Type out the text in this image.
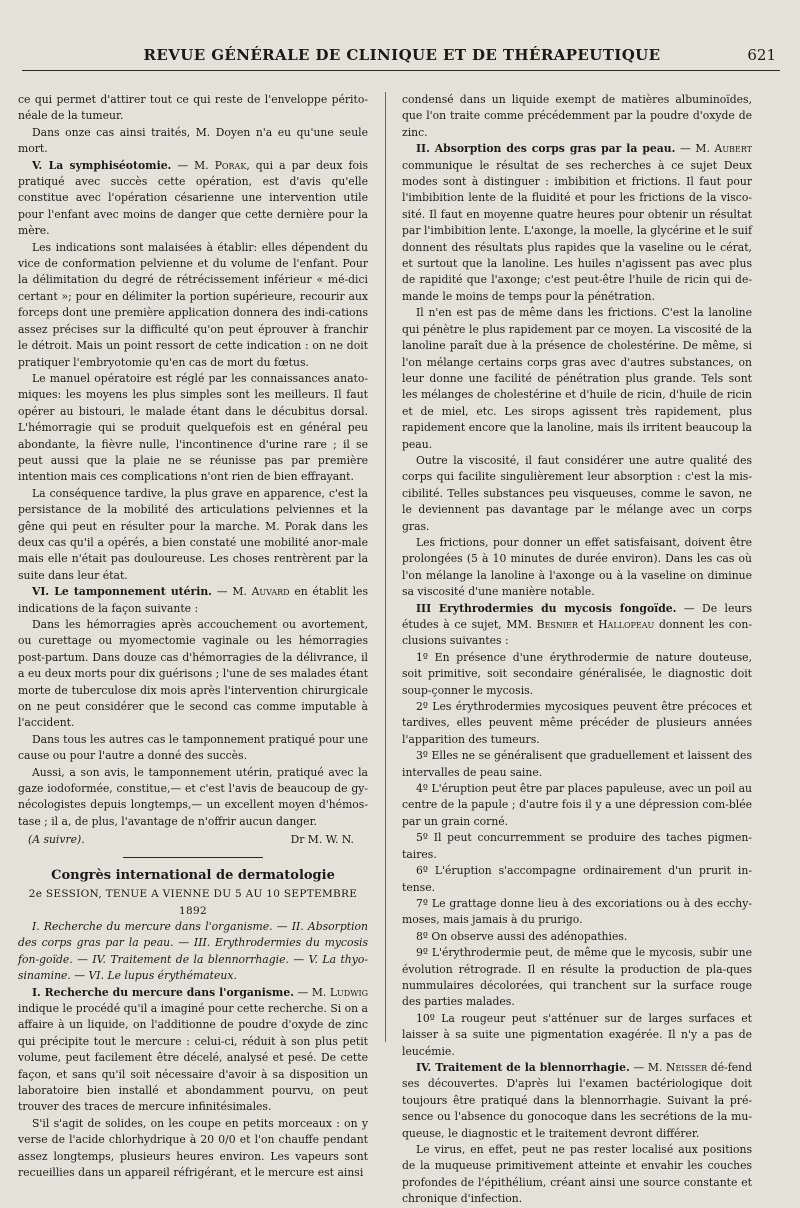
REVUE GÉNÉRALE DE CLINIQUE ET DE THÉRAPEUTIQUE	621

ce qui permet d'attirer tout ce qui reste de l'enveloppe périto-néale de la tumeur.

Dans onze cas ainsi traités, M. Doyen n'a eu qu'une seule mort.

V. La symphiséotomie. — M. Porak, qui a par deux fois pratiqué avec succès cette opération, est d'avis qu'elle constitue avec l'opération césarienne une intervention utile pour l'enfant avec moins de danger que cette dernière pour la mère.

Les indications sont malaisées à établir: elles dépendent du vice de conformation pelvienne et du volume de l'enfant. Pour la délimitation du degré de rétrécissement inférieur « mé-dici certant »; pour en délimiter la portion supérieure, recourir aux forceps dont une première application donnera des indi-cations assez précises sur la difficulté qu'on peut éprouver à franchir le détroit. Mais un point ressort de cette indication : on ne doit pratiquer l'embryotomie qu'en cas de mort du fœtus.

Le manuel opératoire est réglé par les connaissances anato-miques: les moyens les plus simples sont les meilleurs. Il faut opérer au bistouri, le malade étant dans le décubitus dorsal. L'hémorragie qui se produit quelquefois est en général peu abondante, la fièvre nulle, l'incontinence d'urine rare ; il se peut aussi que la plaie ne se réunisse pas par première intention mais ces complications n'ont rien de bien effrayant.

La conséquence tardive, la plus grave en apparence, c'est la persistance de la mobilité des articulations pelviennes et la gêne qui peut en résulter pour la marche. M. Porak dans les deux cas qu'il a opérés, a bien constaté une mobilité anor-male mais elle n'était pas douloureuse. Les choses rentrèrent par la suite dans leur état.

VI. Le tamponnement utérin. — M. Auvard en établit les indications de la façon suivante :

Dans les hémorragies après accouchement ou avortement, ou curettage ou myomectomie vaginale ou les hémorragies post-partum. Dans douze cas d'hémorragies de la délivrance, il a eu deux morts pour dix guérisons ; l'une de ses malades étant morte de tuberculose dix mois après l'intervention chirurgicale on ne peut considérer que le second cas comme imputable à l'accident.

Dans tous les autres cas le tamponnement pratiqué pour une cause ou pour l'autre a donné des succès.

Aussi, a son avis, le tamponnement utérin, pratiqué avec la gaze iodoformée, constitue,— et c'est l'avis de beaucoup de gy-nécologistes depuis longtemps,— un excellent moyen d'hémos-tase ; il a, de plus, l'avantage de n'offrir aucun danger.

(A suivre).	Dr M. W. N.
Congrès international de dermatologie
2e SESSION, TENUE A VIENNE DU 5 AU 10 SEPTEMBRE 1892

I. Recherche du mercure dans l'organisme. — II. Absorption des corps gras par la peau. — III. Erythrodermies du mycosis fon-goïde. — IV. Traitement de la blennorrhagie. — V. La thyo-sinamine. — VI. Le lupus érythémateux.

I. Recherche du mercure dans l'organisme. — M. Ludwig indique le procédé qu'il a imaginé pour cette recherche. Si on a affaire à un liquide, on l'additionne de poudre d'oxyde de zinc qui précipite tout le mercure : celui-ci, réduit à son plus petit volume, peut facilement être décelé, analysé et pesé. De cette façon, et sans qu'il soit nécessaire d'avoir à sa disposition un laboratoire bien installé et abondamment pourvu, on peut trouver des traces de mercure infinitésimales.

S'il s'agit de solides, on les coupe en petits morceaux : on y verse de l'acide chlorhydrique à 20 0/0 et l'on chauffe pendant assez longtemps, plusieurs heures environ. Les vapeurs sont recueillies dans un appareil réfrigérant, et le mercure est ainsi

condensé dans un liquide exempt de matières albuminoïdes, que l'on traite comme précédemment par la poudre d'oxyde de zinc.

II. Absorption des corps gras par la peau. — M. Aubert communique le résultat de ses recherches à ce sujet Deux modes sont à distinguer : imbibition et frictions. Il faut pour l'imbibition lente de la fluidité et pour les frictions de la visco-sité. Il faut en moyenne quatre heures pour obtenir un résultat par l'imbibition lente. L'axonge, la moelle, la glycérine et le suif donnent des résultats plus rapides que la vaseline ou le cérat, et surtout que la lanoline. Les huiles n'agissent pas avec plus de rapidité que l'axonge; c'est peut-être l'huile de ricin qui de-mande le moins de temps pour la pénétration.

Il n'en est pas de même dans les frictions. C'est la lanoline qui pénètre le plus rapidement par ce moyen. La viscosité de la lanoline paraît due à la présence de cholestérine. De même, si l'on mélange certains corps gras avec d'autres substances, on leur donne une facilité de pénétration plus grande. Tels sont les mélanges de cholestérine et d'huile de ricin, d'huile de ricin et de miel, etc. Les sirops agissent très rapidement, plus rapidement encore que la lanoline, mais ils irritent beaucoup la peau.

Outre la viscosité, il faut considérer une autre qualité des corps qui facilite singulièrement leur absorption : c'est la mis-cibilité. Telles substances peu visqueuses, comme le savon, ne le deviennent pas davantage par le mélange avec un corps gras.

Les frictions, pour donner un effet satisfaisant, doivent être prolongées (5 à 10 minutes de durée environ). Dans les cas où l'on mélange la lanoline à l'axonge ou à la vaseline on diminue sa viscosité d'une manière notable.

III Erythrodermies du mycosis fongoïde. — De leurs études à ce sujet, MM. Besnier et Hallopeau donnent les con-clusions suivantes :

1º En présence d'une érythrodermie de nature douteuse, soit primitive, soit secondaire généralisée, le diagnostic doit soup-çonner le mycosis.

2º Les érythrodermies mycosiques peuvent être précoces et tardives, elles peuvent même précéder de plusieurs années l'apparition des tumeurs.

3º Elles ne se généralisent que graduellement et laissent des intervalles de peau saine.

4º L'éruption peut être par places papuleuse, avec un poil au centre de la papule ; d'autre fois il y a une dépression com-blée par un grain corné.

5º Il peut concurremment se produire des taches pigmen-taires.

6º L'éruption s'accompagne ordinairement d'un prurit in-tense.

7º Le grattage donne lieu à des excoriations ou à des ecchy-moses, mais jamais à du prurigo.

8º On observe aussi des adénopathies.

9º L'érythrodermie peut, de même que le mycosis, subir une évolution rétrograde. Il en résulte la production de pla-ques nummulaires décolorées, qui tranchent sur la surface rouge des parties malades.

10º La rougeur peut s'atténuer sur de larges surfaces et laisser à sa suite une pigmentation exagérée. Il n'y a pas de leucémie.

IV. Traitement de la blennorrhagie. — M. Neisser dé-fend ses découvertes. D'après lui l'examen bactériologique doit toujours être pratiqué dans la blennorrhagie. Suivant la pré-sence ou l'absence du gonocoque dans les secrétions de la mu-queuse, le diagnostic et le traitement devront différer.

Le virus, en effet, peut ne pas rester localisé aux positions de la muqueuse primitivement atteinte et envahir les couches profondes de l'épithélium, créant ainsi une source constante et chronique d'infection.
